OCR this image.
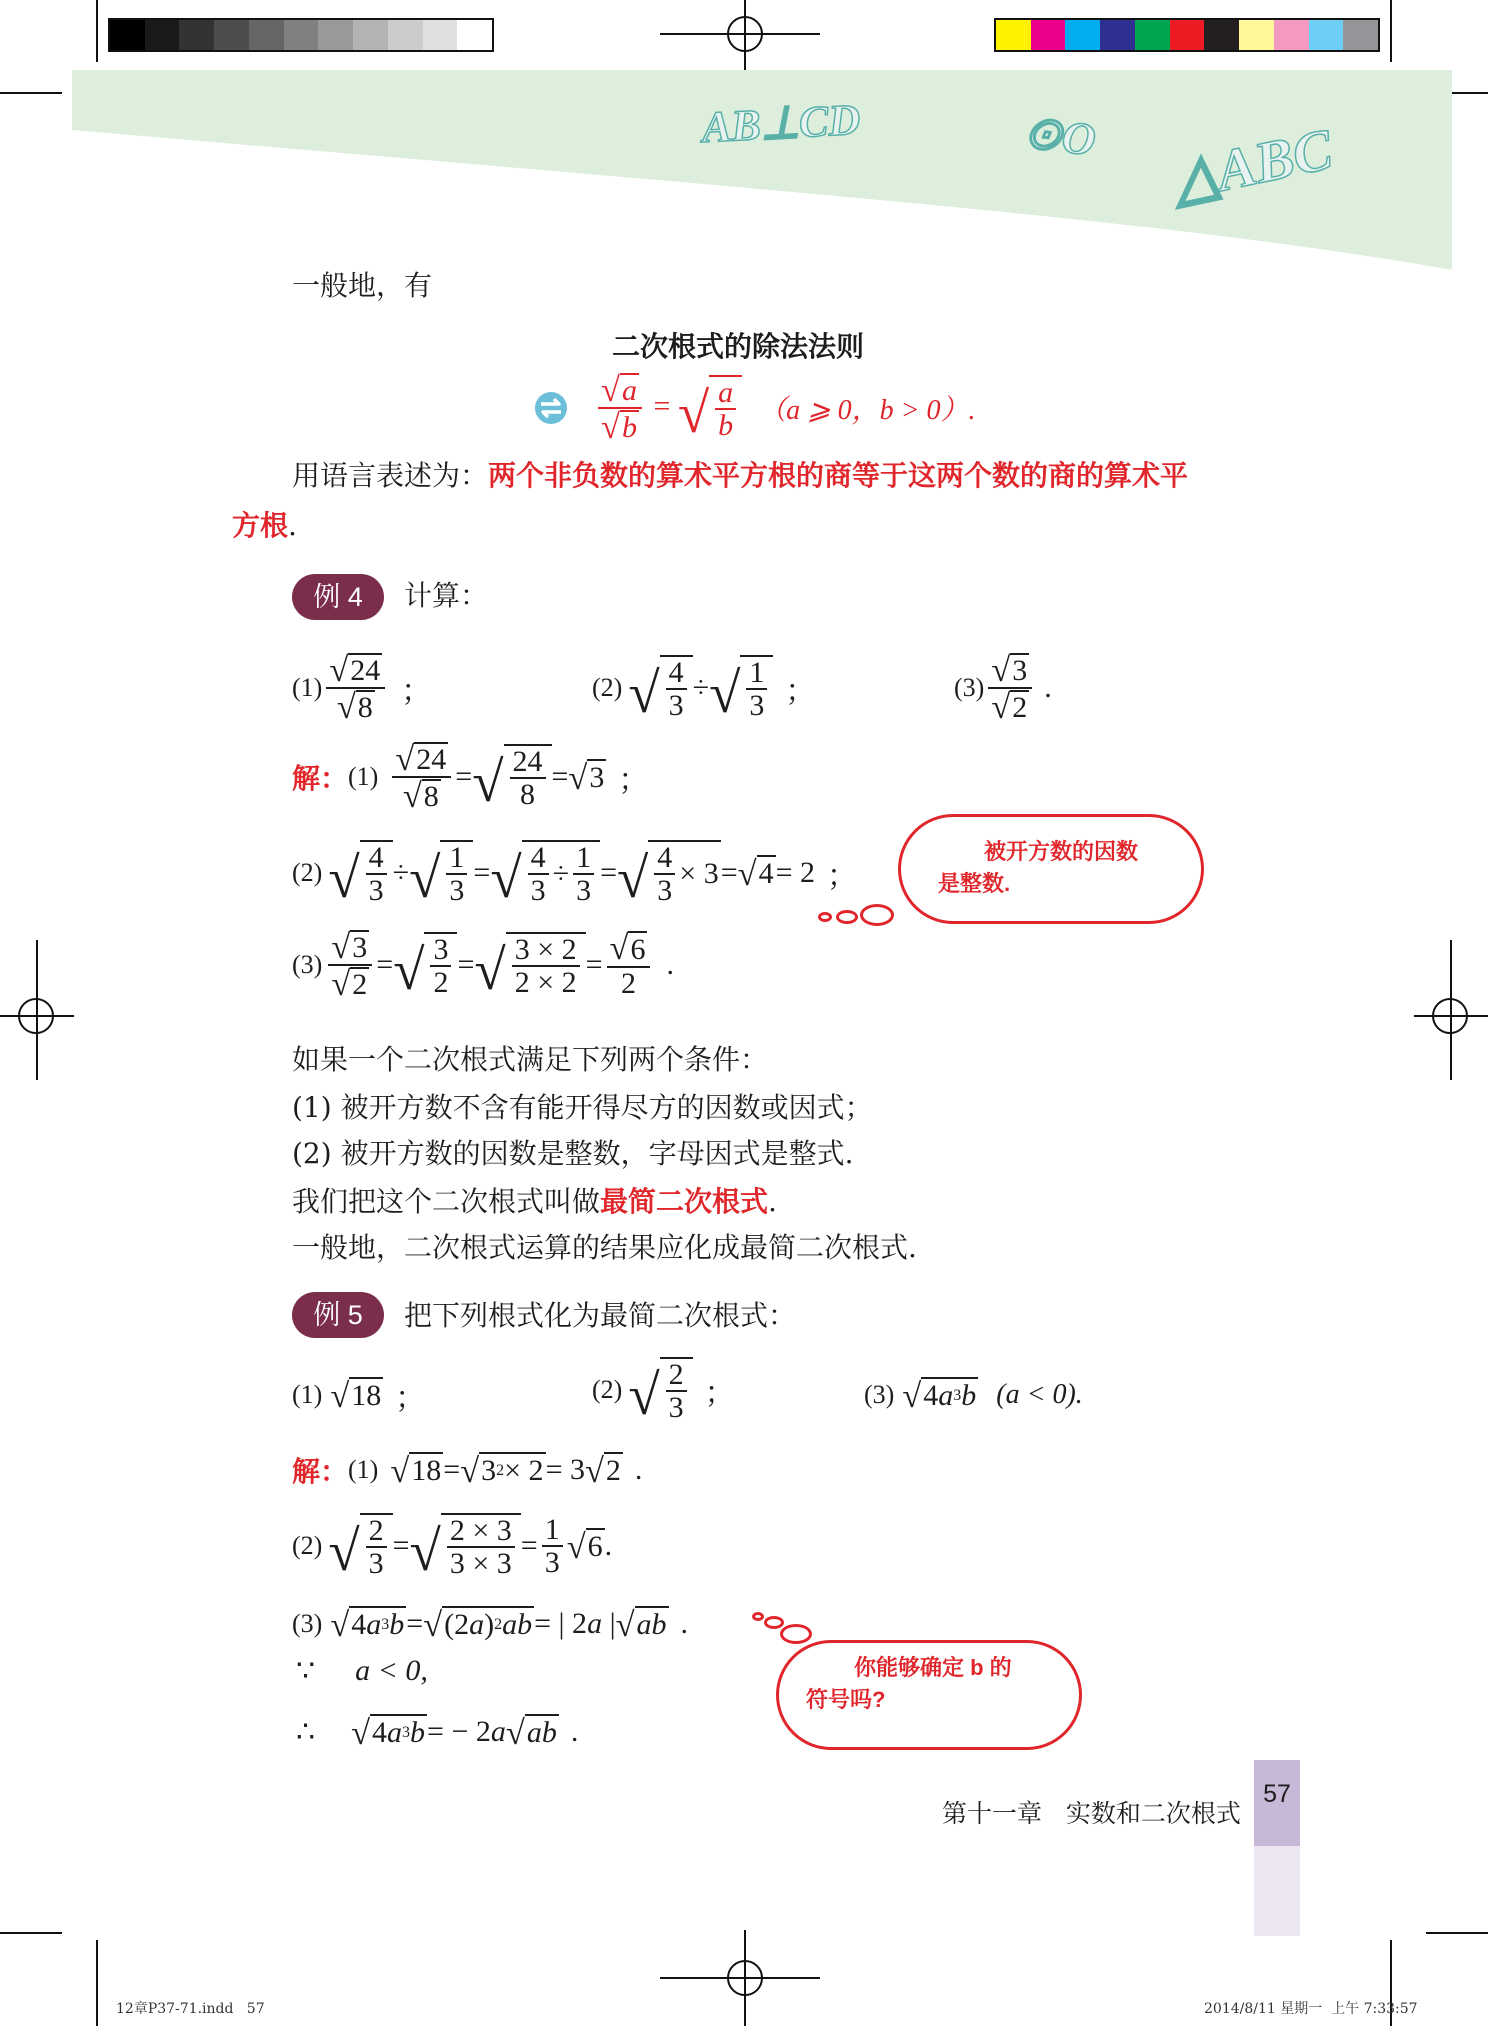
AB⊥CD	⊙O △ABC
一般地，有
二次根式的除法法则
$\frac{√ a}{√ b}$ = √ $\frac{a}{b} (a$ ⩾ 0，b > 0）.
用语言表述为：两个非负数的算术平方根的商等于这两个数的商的算术平
方根.
例 4	计算：
$(1) \frac{√ 24}{√ 8}$ ；	(2) √ $\frac{4}{3}$ ÷ √ $\frac{1}{3}$ ；	$(3) \frac{√ 3}{√ 2}$ .
解： $(1) \frac{√ 24}{√ 8}$ = √ $\frac{24}{8}$ = √ 3 ；
(2) √ $\frac{4}{3}$ ÷ √ $\frac{1}{3}$ = √ $\frac{4}{3} \div \frac{1}{3}$ = √ $\frac{4}{3} \times 3$ = √ 4 = 2 ；
$(3) \frac{√ 3}{√ 2}$ = √ $\frac{3}{2}$ = √ $\frac{3 \times 2}{2 \times 2} = \frac{√ 6}{2}$ .
被开方数的因数
是整数.
如果一个二次根式满足下列两个条件：
(1) 被开方数不含有能开得尽方的因数或因式；
(2) 被开方数的因数是整数，字母因式是整式.
我们把这个二次根式叫做最简二次根式.
一般地，二次根式运算的结果应化成最简二次根式.
例 5	把下列根式化为最简二次根式：
(1) √ 18 ；	(2) √ $\frac{2}{3}$ ；	(3) √ 4 a 3 b (a < 0).
解： (1) √ 18 = √ 3 2 × 2 = 3 √ 2 .
(2) √ $\frac{2}{3}$ = √ $\frac{2 \times 3}{3 \times 3} = \frac{1}{3}$ √ 6 .
(3) √ 4 a 3 b = √ (2 a ) 2 ab = | 2a | √ ab .
∵ a < 0,
∴ √ 4 a 3 b = − 2a √ ab .
你能够确定 b 的
符号吗?
第十一章   实数和二次根式
57
12章P37-71.indd   57	2014/8/11 星期一  上午 7:33:57
